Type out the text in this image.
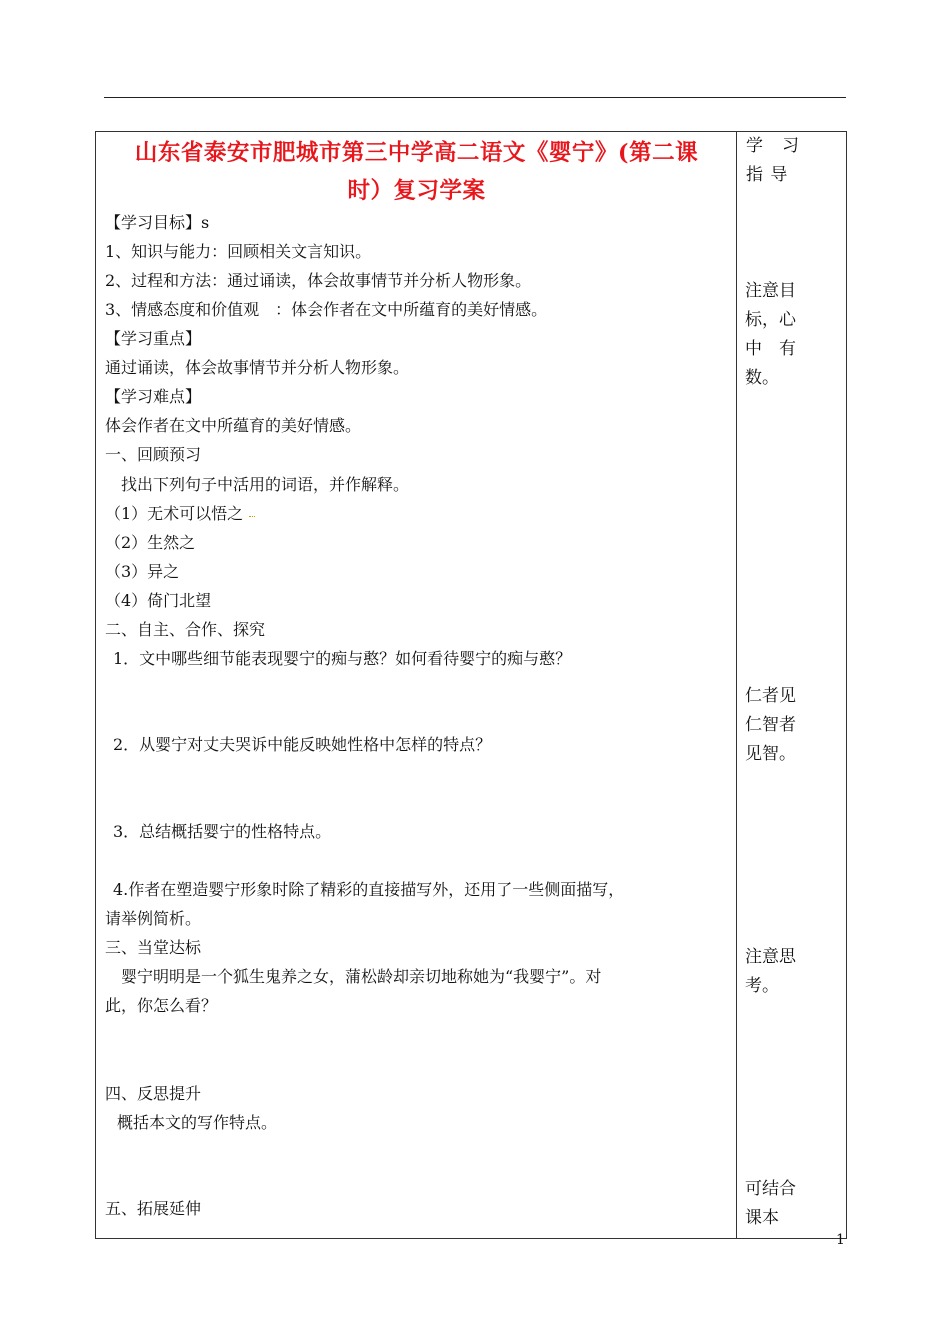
山东省泰安市肥城市第三中学高二语文《婴宁》(第二课
时）复习学案
【学习目标】s
1、知识与能力：回顾相关文言知识。
2、过程和方法：通过诵读，体会故事情节并分析人物形象。
3、情感态度和价值观　：体会作者在文中所蕴育的美好情感。
【学习重点】
通过诵读，体会故事情节并分析人物形象。
【学习难点】
体会作者在文中所蕴育的美好情感。
一、回顾预习
找出下列句子中活用的词语，并作解释。
（1）无术可以悟之
（2）生然之
（3）异之
（4）倚门北望
二、自主、合作、探究
1．文中哪些细节能表现婴宁的痴与憨？如何看待婴宁的痴与憨？
2．从婴宁对丈夫哭诉中能反映她性格中怎样的特点？
3．总结概括婴宁的性格特点。
4.作者在塑造婴宁形象时除了精彩的直接描写外，还用了一些侧面描写，
请举例简析。
三、当堂达标
婴宁明明是一个狐生鬼养之女，蒲松龄却亲切地称她为“我婴宁”。对
此，你怎么看？
四、反思提升
概括本文的写作特点。
五、拓展延伸
学　习
指 导
注意目
标，心
中　有
数。
仁者见
仁智者
见智。
注意思
考。
可结合
课本
1
